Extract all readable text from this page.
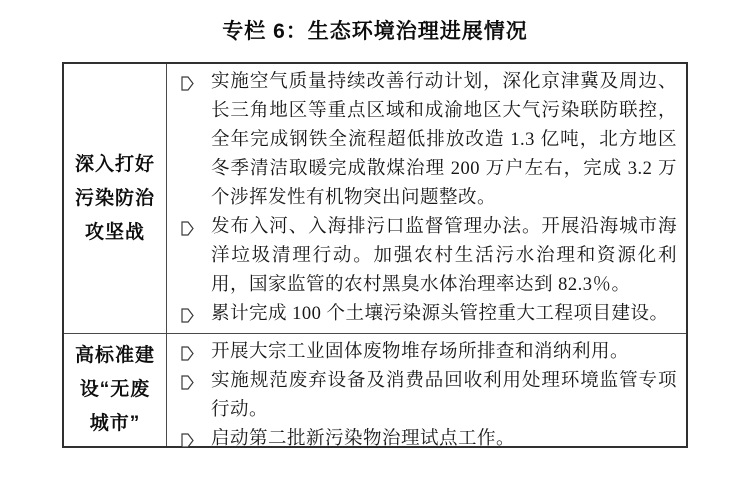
专栏 6：生态环境治理进展情况
深入打好
污染防治
攻坚战
实施空气质量持续改善行动计划，深化京津冀及周边、长三角地区等重点区域和成渝地区大气污染联防联控，全年完成钢铁全流程超低排放改造 1.3 亿吨，北方地区冬季清洁取暖完成散煤治理 200 万户左右，完成 3.2 万个涉挥发性有机物突出问题整改。
发布入河、入海排污口监督管理办法。开展沿海城市海洋垃圾清理行动。加强农村生活污水治理和资源化利用，国家监管的农村黑臭水体治理率达到 82.3％。
累计完成 100 个土壤污染源头管控重大工程项目建设。
高标准建
设“无废
城市”
开展大宗工业固体废物堆存场所排查和消纳利用。
实施规范废弃设备及消费品回收利用处理环境监管专项行动。
启动第二批新污染物治理试点工作。
